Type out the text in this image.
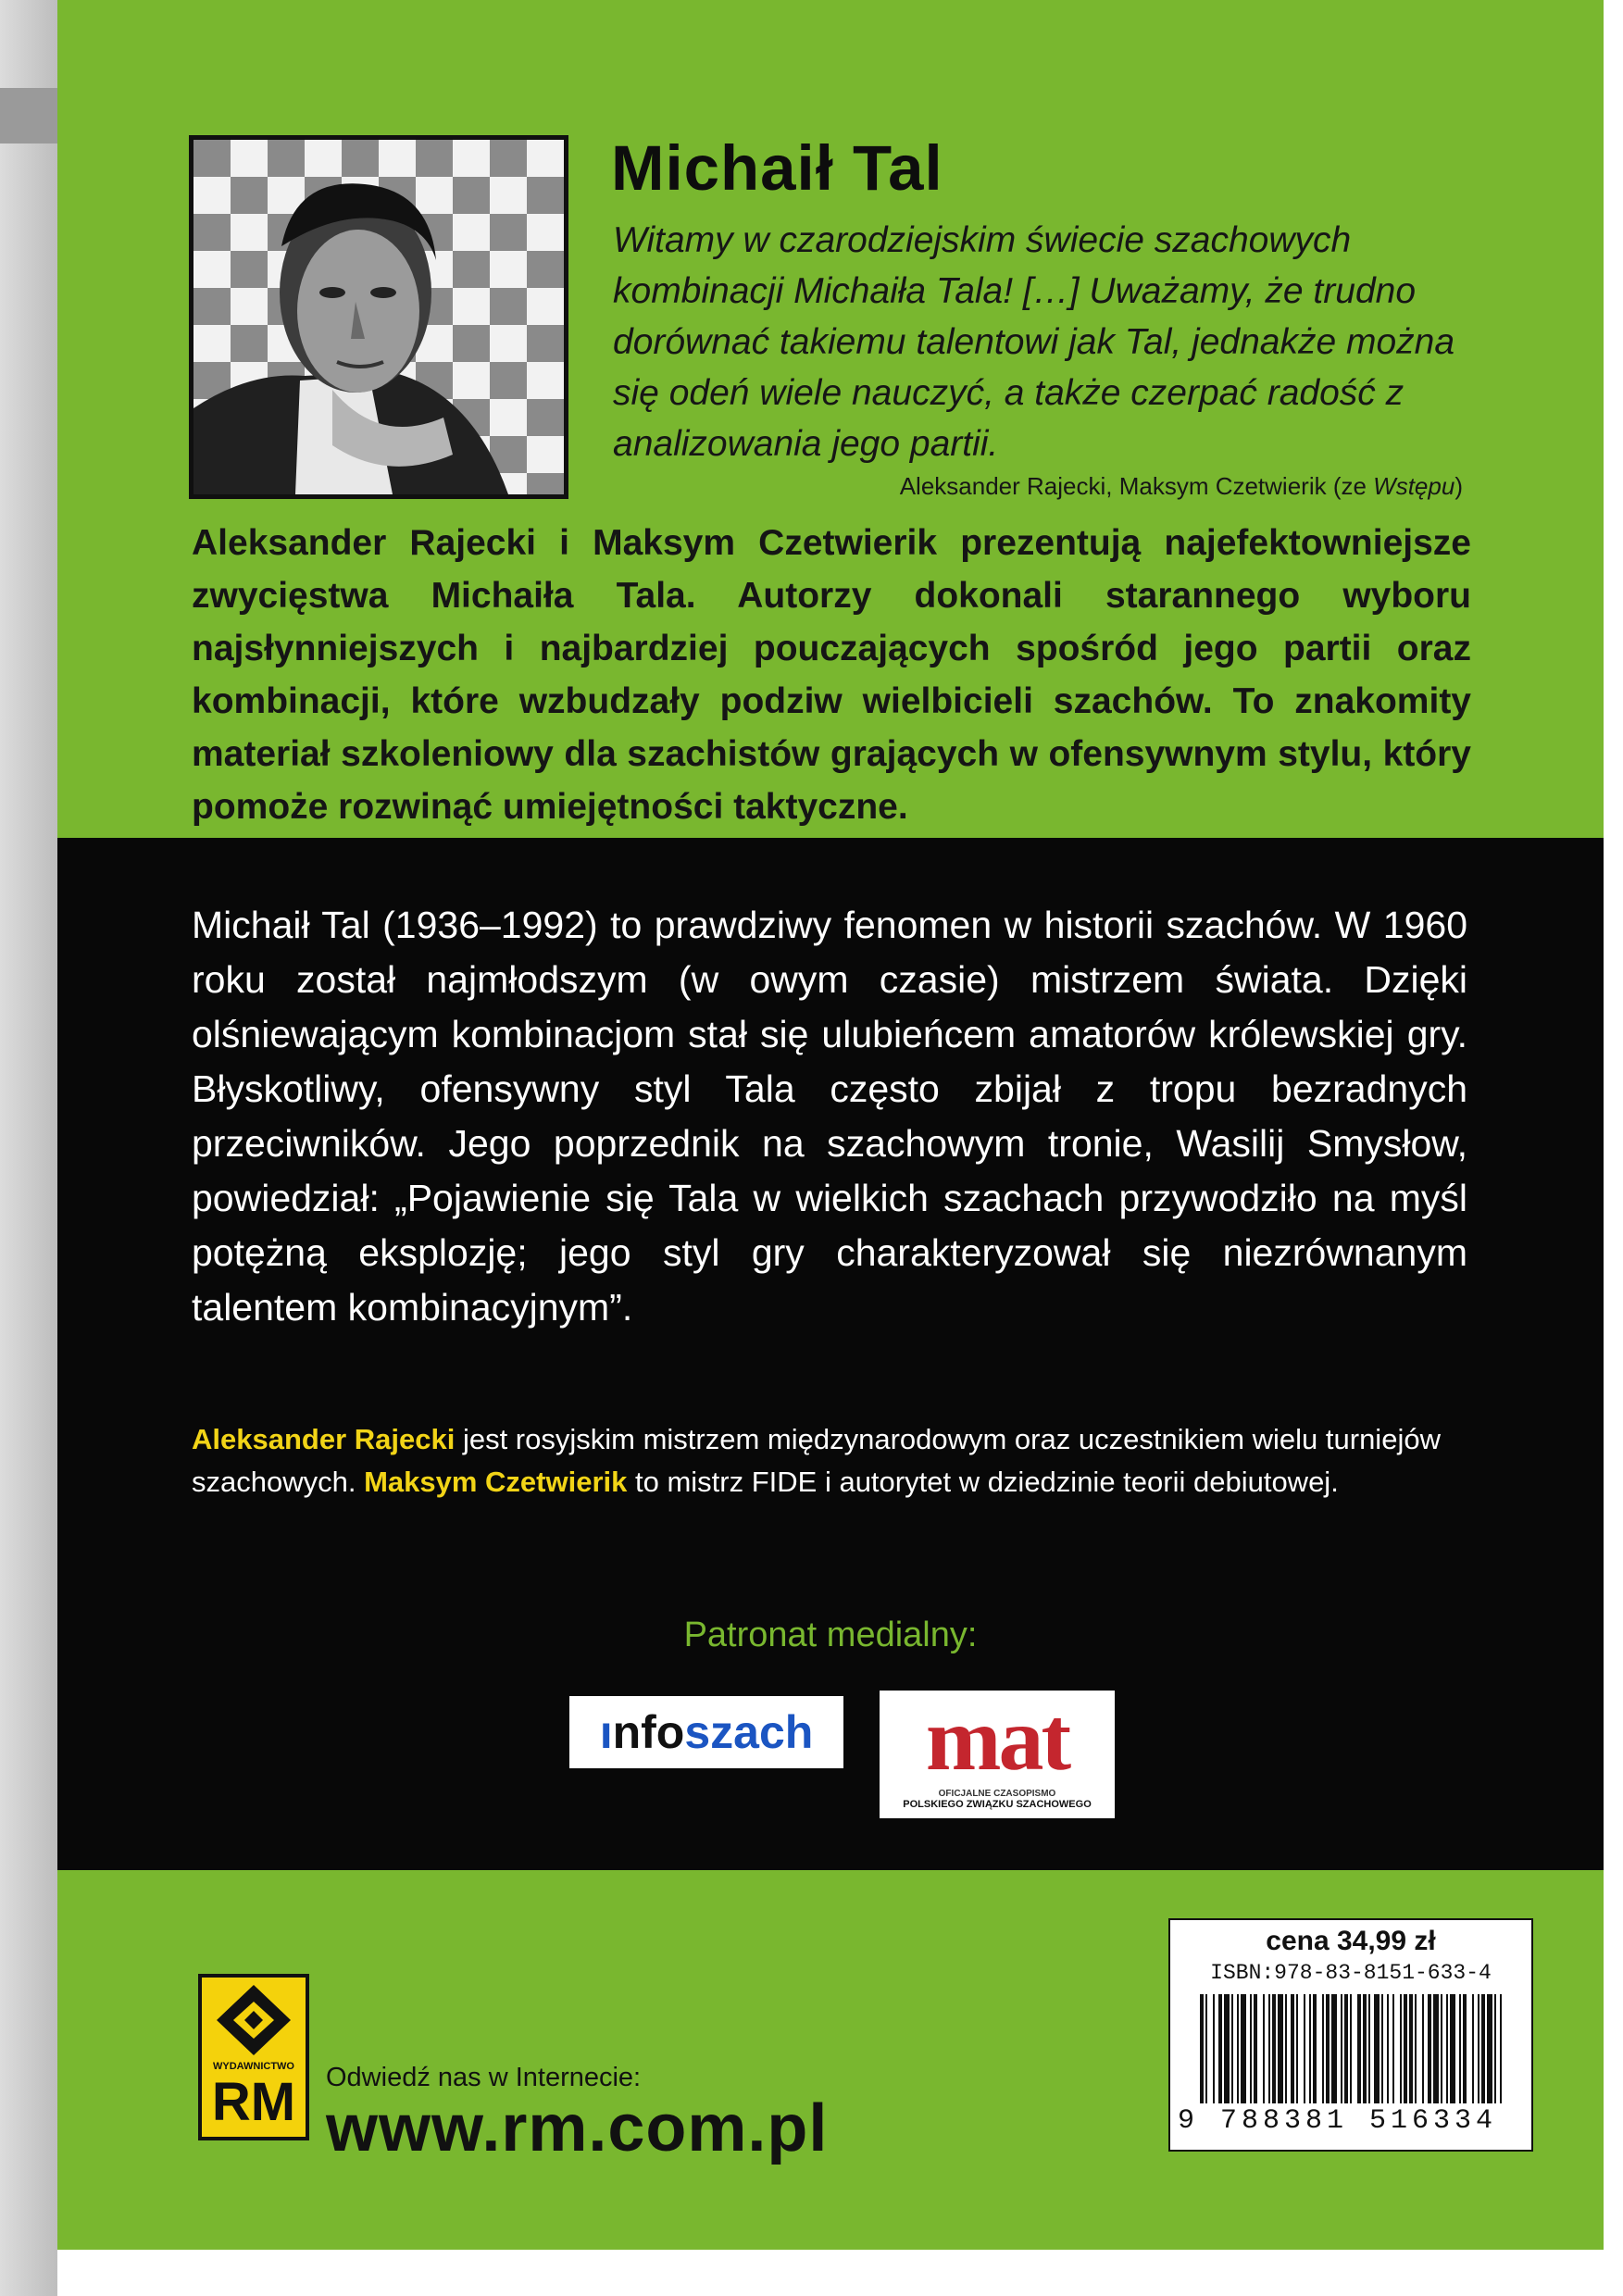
Michaił Tal

Witamy w czarodziejskim świecie szachowych kombinacji Michaiła Tala! […] Uważamy, że trudno dorównać takiemu talentowi jak Tal, jednakże można się odeń wiele nauczyć, a także czerpać radość z analizowania jego partii.

Aleksander Rajecki, Maksym Czetwierik (ze Wstępu)

Aleksander Rajecki i Maksym Czetwierik prezentują najefektowniejsze zwycięstwa Michaiła Tala. Autorzy dokonali starannego wyboru najsłynniejszych i najbardziej pouczających spośród jego partii oraz kombinacji, które wzbudzały podziw wielbicieli szachów. To znakomity materiał szkoleniowy dla szachistów grających w ofensywnym stylu, który pomoże rozwinąć umiejętności taktyczne.

Michaił Tal (1936–1992) to prawdziwy fenomen w historii szachów. W 1960 roku został najmłodszym (w owym czasie) mistrzem świata. Dzięki olśniewającym kombinacjom stał się ulubieńcem amatorów królewskiej gry. Błyskotliwy, ofensywny styl Tala często zbijał z tropu bezradnych przeciwników. Jego poprzednik na szachowym tronie, Wasilij Smysłow, powiedział: „Pojawienie się Tala w wielkich szachach przywodziło na myśl potężną eksplozję; jego styl gry charakteryzował się niezrównanym talentem kombinacyjnym”.

Aleksander Rajecki jest rosyjskim mistrzem międzynarodowym oraz uczestnikiem wielu turniejów szachowych. Maksym Czetwierik to mistrz FIDE i autorytet w dziedzinie teorii debiutowej.

Patronat medialny:

ı nfo szach	mat
OFICJALNE CZASOPISMO
POLSKIEGO ZWIĄZKU SZACHOWEGO
WYDAWNICTWO
RM	Odwiedź nas w Internecie:

www.rm.com.pl

cena 34,99 zł

ISBN:978-83-8151-633-4

9 788381 516334
